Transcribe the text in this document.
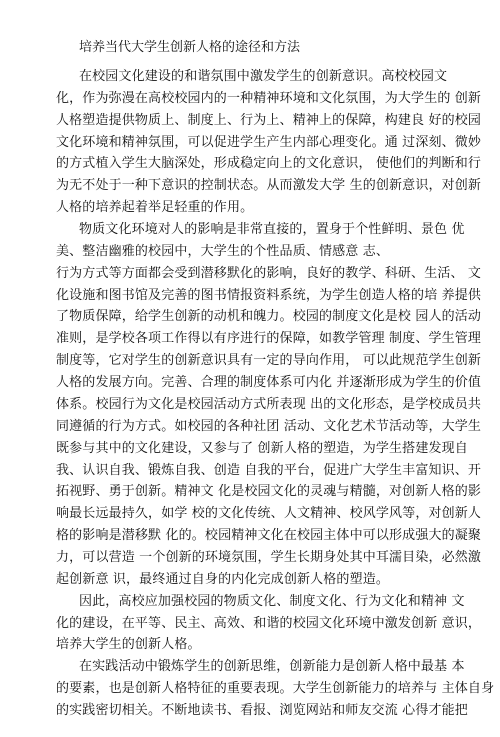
培养当代大学生创新人格的途径和方法
在校园文化建设的和谐氛围中激发学生的创新意识。高校校园文
化，作为弥漫在高校校园内的一种精神环境和文化氛围，为大学生的 创新
人格塑造提供物质上、制度上、行为上、精神上的保障，构建良 好的校园
文化环境和精神氛围，可以促进学生产生内部心理变化。通 过深刻、微妙
的方式植入学生大脑深处，形成稳定向上的文化意识， 使他们的判断和行
为无不处于一种下意识的控制状态。从而激发大学 生的创新意识，对创新
人格的培养起着举足轻重的作用。
物质文化环境对人的影响是非常直接的，置身于个性鲜明、景色 优
美、整洁幽雅的校园中，大学生的个性品质、情感意 志、
行为方式等方面都会受到潜移默化的影响，良好的教学、科研、生活、 文
化设施和图书馆及完善的图书情报资料系统，为学生创造人格的培 养提供
了物质保障，给学生创新的动机和魄力。校园的制度文化是校 园人的活动
准则，是学校各项工作得以有序进行的保障，如教学管理 制度、学生管理
制度等，它对学生的创新意识具有一定的导向作用， 可以此规范学生创新
人格的发展方向。完善、合理的制度体系可内化 并逐渐形成为学生的价值
体系。校园行为文化是校园活动方式所表现 出的文化形态，是学校成员共
同遵循的行为方式。如校园的各种社团 活动、文化艺术节活动等，大学生
既参与其中的文化建设，又参与了 创新人格的塑造，为学生搭建发现自
我、认识自我、锻炼自我、创造 自我的平台，促进广大学生丰富知识、开
拓视野、勇于创新。精神文 化是校园文化的灵魂与精髓，对创新人格的影
响最长远最持久，如学 校的文化传统、人文精神、校风学风等，对创新人
格的影响是潜移默 化的。校园精神文化在校园主体中可以形成强大的凝聚
力，可以营造 一个创新的环境氛围，学生长期身处其中耳濡目染，必然激
起创新意 识，最终通过自身的内化完成创新人格的塑造。
因此，高校应加强校园的物质文化、制度文化、行为文化和精神 文
化的建设，在平等、民主、高效、和谐的校园文化环境中激发创新 意识，
培养大学生的创新人格。
在实践活动中锻炼学生的创新思维，创新能力是创新人格中最基 本
的要素，也是创新人格特征的重要表现。大学生创新能力的培养与 主体自身
的实践密切相关。不断地读书、看报、浏览网站和师友交流 心得才能把
